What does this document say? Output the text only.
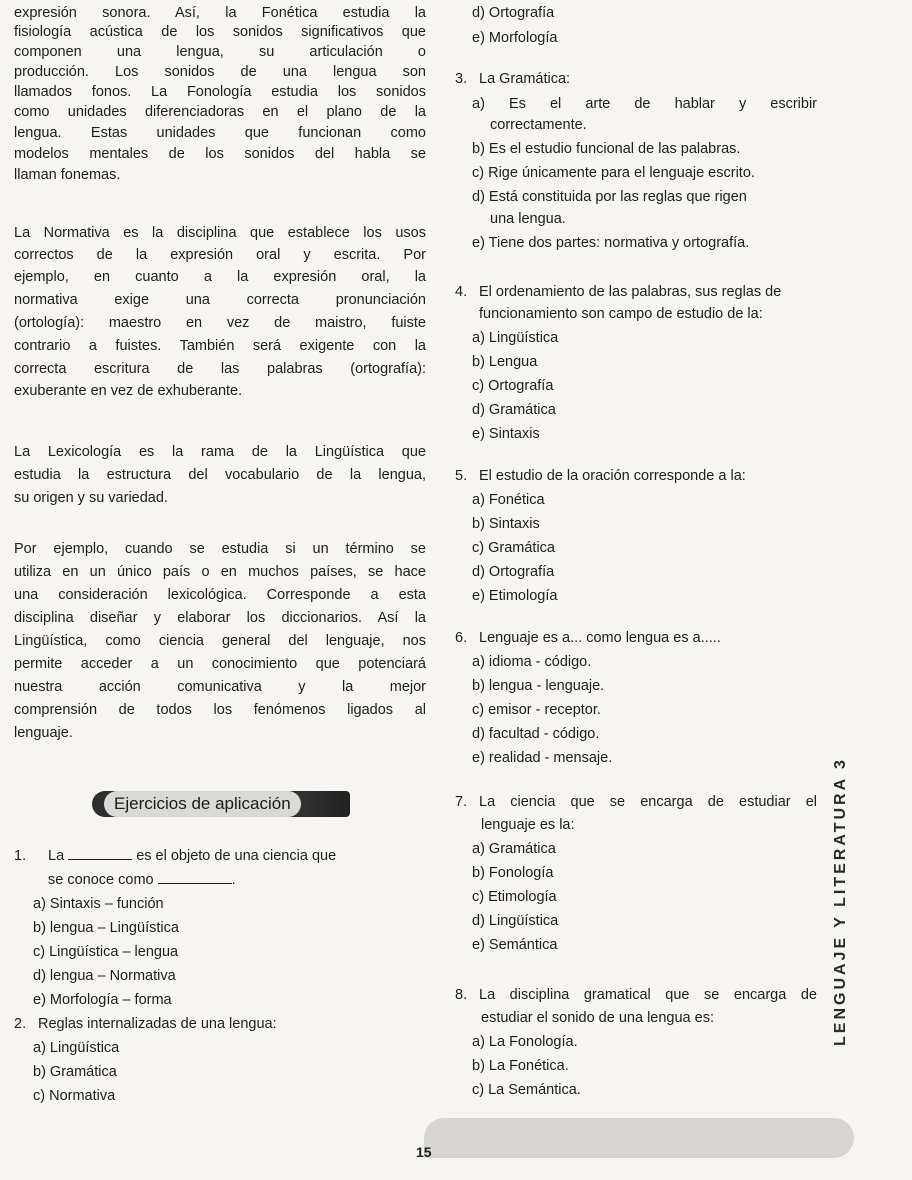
expresión sonora. Así, la Fonética estudia la
fisiología acústica de los sonidos significativos que
componen una lengua, su articulación o
producción. Los sonidos de una lengua son
llamados fonos. La Fonología estudia los sonidos
como unidades diferenciadoras en el plano de la
lengua. Estas unidades que funcionan como
modelos mentales de los sonidos del habla se
llaman fonemas.
La Normativa es la disciplina que establece los usos
correctos de la expresión oral y escrita. Por
ejemplo, en cuanto a la expresión oral, la
normativa exige una correcta pronunciación
(ortología): maestro en vez de maistro, fuiste
contrario a fuistes. También será exigente con la
correcta escritura de las palabras (ortografía):
exuberante en vez de exhuberante.
La Lexicología es la rama de la Lingüística que
estudia la estructura del vocabulario de la lengua,
su origen y su variedad.
Por ejemplo, cuando se estudia si un término se
utiliza en un único país o en muchos países, se hace
una consideración lexicológica. Corresponde a esta
disciplina diseñar y elaborar los diccionarios. Así la
Lingüística, como ciencia general del lenguaje, nos
permite acceder a un conocimiento que potenciará
nuestra acción comunicativa y la mejor
comprensión de todos los fenómenos ligados al
lenguaje.
Ejercicios de aplicación
1. La	es el objeto de una ciencia que
se conoce como	.
a) Sintaxis – función
b) lengua – Lingüística
c) Lingüística – lengua
d) lengua – Normativa
e) Morfología – forma
2. Reglas internalizadas de una lengua:
a) Lingüística
b) Gramática
c) Normativa
d) Ortografía
e) Morfología
3. La Gramática:
a) Es el arte de hablar y escribir
correctamente.
b) Es el estudio funcional de las palabras.
c) Rige únicamente para el lenguaje escrito.
d) Está constituida por las reglas que rigen
una lengua.
e) Tiene dos partes: normativa y ortografía.
4. El ordenamiento de las palabras, sus reglas de
funcionamiento son campo de estudio de la:
a) Lingüística
b) Lengua
c) Ortografía
d) Gramática
e) Sintaxis
5. El estudio de la oración corresponde a la:
a) Fonética
b) Sintaxis
c) Gramática
d) Ortografía
e) Etimología
6. Lenguaje es a... como lengua es a.....
a) idioma - código.
b) lengua - lenguaje.
c) emisor - receptor.
d) facultad - código.
e) realidad - mensaje.
7. La ciencia que se encarga de estudiar el
lenguaje es la:
a) Gramática
b) Fonología
c) Etimología
d) Lingüística
e) Semántica
8. La disciplina gramatical que se encarga de
estudiar el sonido de una lengua es:
a) La Fonología.
b) La Fonética.
c) La Semántica.
LENGUAJE Y LITERATURA 3
15
